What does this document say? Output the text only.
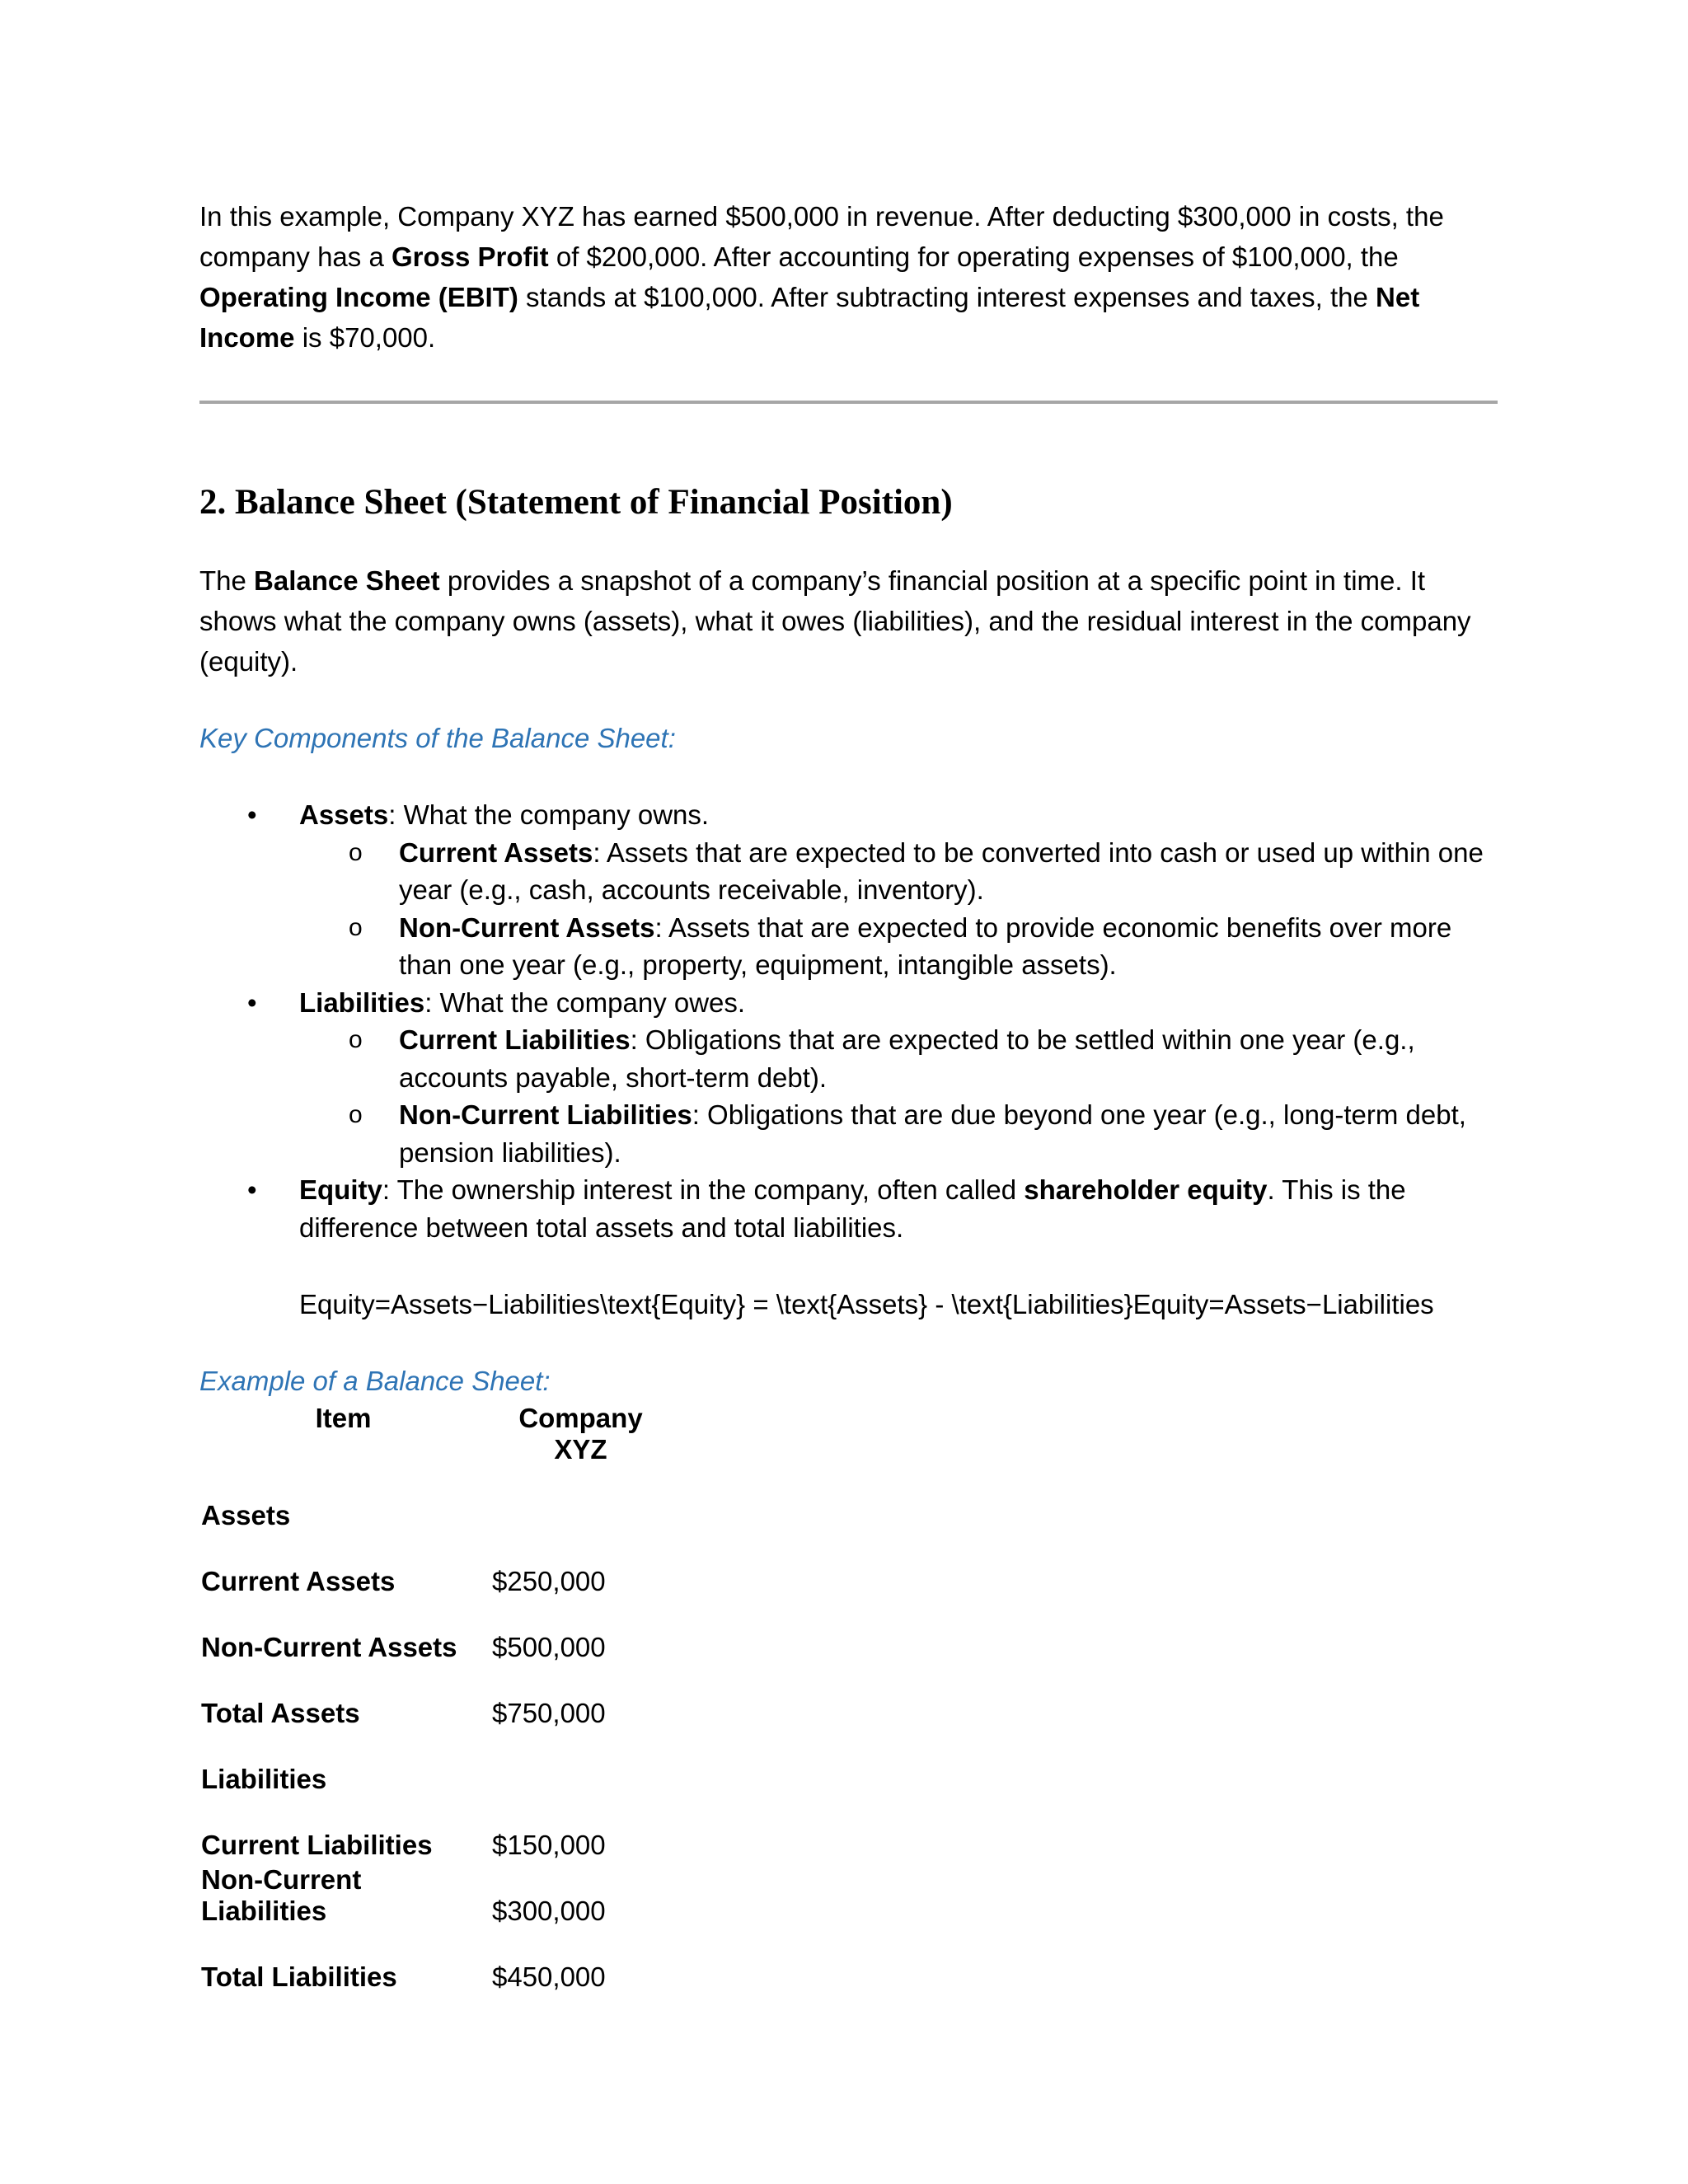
In this example, Company XYZ has earned $500,000 in revenue. After deducting $300,000 in costs, the company has a Gross Profit of $200,000. After accounting for operating expenses of $100,000, the Operating Income (EBIT) stands at $100,000. After subtracting interest expenses and taxes, the Net Income is $70,000.

2. Balance Sheet (Statement of Financial Position)

The Balance Sheet provides a snapshot of a company’s financial position at a specific point in time. It shows what the company owns (assets), what it owes (liabilities), and the residual interest in the company (equity).

Key Components of the Balance Sheet:

• Assets: What the company owns.
o Current Assets: Assets that are expected to be converted into cash or used up within one year (e.g., cash, accounts receivable, inventory).
o Non-Current Assets: Assets that are expected to provide economic benefits over more than one year (e.g., property, equipment, intangible assets).
• Liabilities: What the company owes.
o Current Liabilities: Obligations that are expected to be settled within one year (e.g., accounts payable, short-term debt).
o Non-Current Liabilities: Obligations that are due beyond one year (e.g., long-term debt, pension liabilities).
• Equity: The ownership interest in the company, often called shareholder equity. This is the difference between total assets and total liabilities.
Equity=Assets−Liabilities\text{Equity} = \text{Assets} - \text{Liabilities}Equity=Assets−Liabilities

Example of a Balance Sheet:

Item	Company XYZ
Assets	
Current Assets	$250,000
Non-Current Assets	$500,000
Total Assets	$750,000
Liabilities	
Current Liabilities	$150,000
Non-Current Liabilities	$300,000
Total Liabilities	$450,000
